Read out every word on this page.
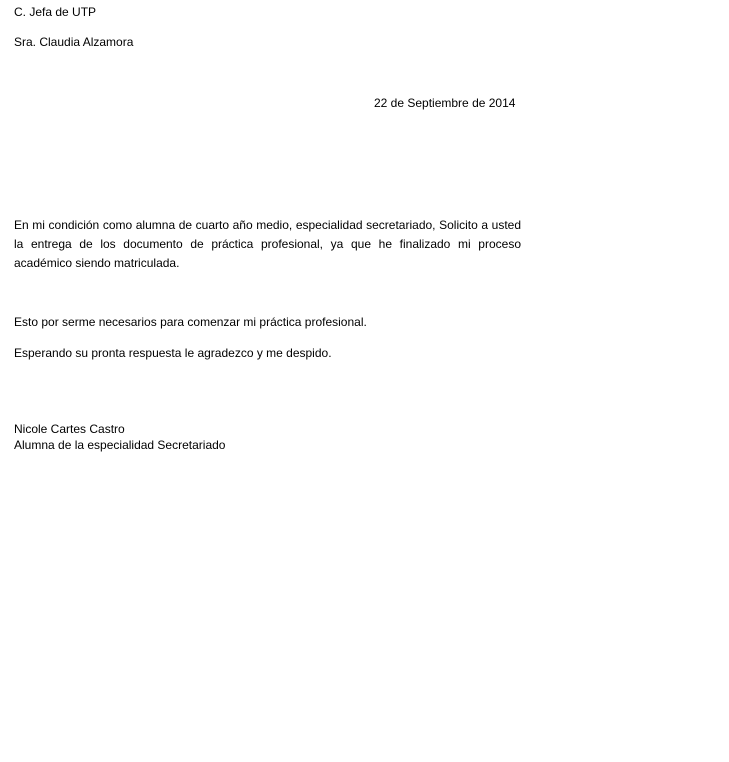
C. Jefa de UTP
Sra. Claudia Alzamora
22 de Septiembre de 2014
En mi condición como alumna de cuarto año medio, especialidad secretariado, Solicito a usted la entrega de los documento de práctica profesional, ya que he finalizado mi proceso académico siendo matriculada.
Esto por serme necesarios para comenzar mi práctica profesional.
Esperando su pronta respuesta le agradezco y me despido.
Nicole Cartes Castro
Alumna de la especialidad Secretariado
